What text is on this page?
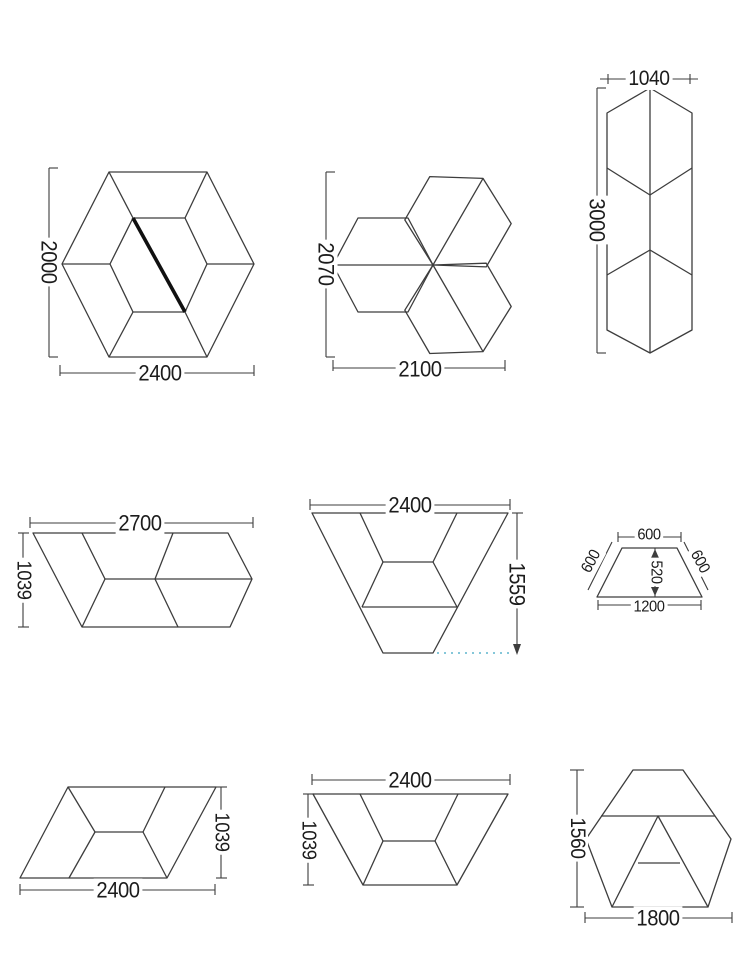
2000
2400
2070
2100
1040
3000
2700
1039
2400
1559
600
600	600
520
1200
2400
1039
2400
1039	1560
1800
